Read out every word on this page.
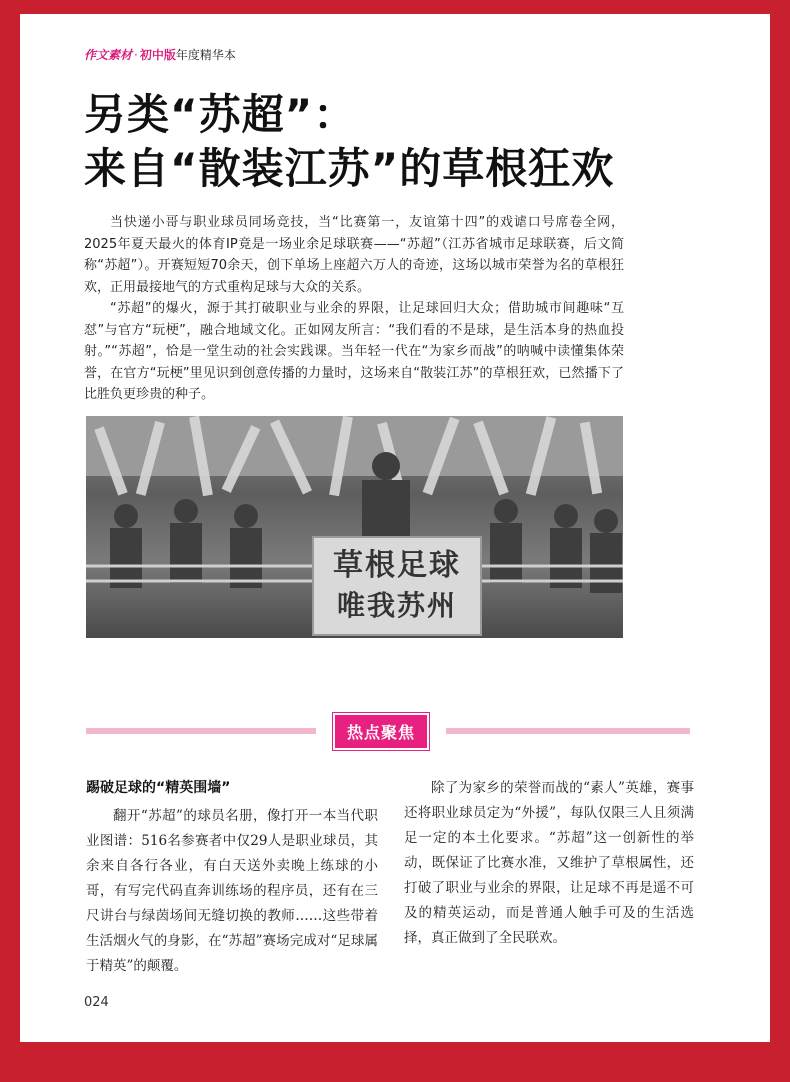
作文素材 · 初中版年度精华本
另类“苏超”：
来自“散装江苏”的草根狂欢

当快递小哥与职业球员同场竞技，当“比赛第一，友谊第十四”的戏谑口号席卷全网，2025年夏天最火的体育IP竟是一场业余足球联赛——“苏超”（江苏省城市足球联赛，后文简称“苏超”）。开赛短短70余天，创下单场上座超六万人的奇迹，这场以城市荣誉为名的草根狂欢，正用最接地气的方式重构足球与大众的关系。

“苏超”的爆火，源于其打破职业与业余的界限，让足球回归大众；借助城市间趣味“互怼”与官方“玩梗”，融合地域文化。正如网友所言：“我们看的不是球，是生活本身的热血投射。”“苏超”，恰是一堂生动的社会实践课。当年轻一代在“为家乡而战”的呐喊中读懂集体荣誉，在官方“玩梗”里见识到创意传播的力量时，这场来自“散装江苏”的草根狂欢，已然播下了比胜负更珍贵的种子。

草根足球
唯我苏州
热点聚焦
踢破足球的“精英围墙”

翻开“苏超”的球员名册，像打开一本当代职业图谱：516名参赛者中仅29人是职业球员，其余来自各行各业，有白天送外卖晚上练球的小哥，有写完代码直奔训练场的程序员，还有在三尺讲台与绿茵场间无缝切换的教师……这些带着生活烟火气的身影，在“苏超”赛场完成对“足球属于精英”的颠覆。

除了为家乡的荣誉而战的“素人”英雄，赛事还将职业球员定为“外援”，每队仅限三人且须满足一定的本土化要求。“苏超”这一创新性的举动，既保证了比赛水准，又维护了草根属性，还打破了职业与业余的界限，让足球不再是遥不可及的精英运动，而是普通人触手可及的生活选择，真正做到了全民联欢。

024
